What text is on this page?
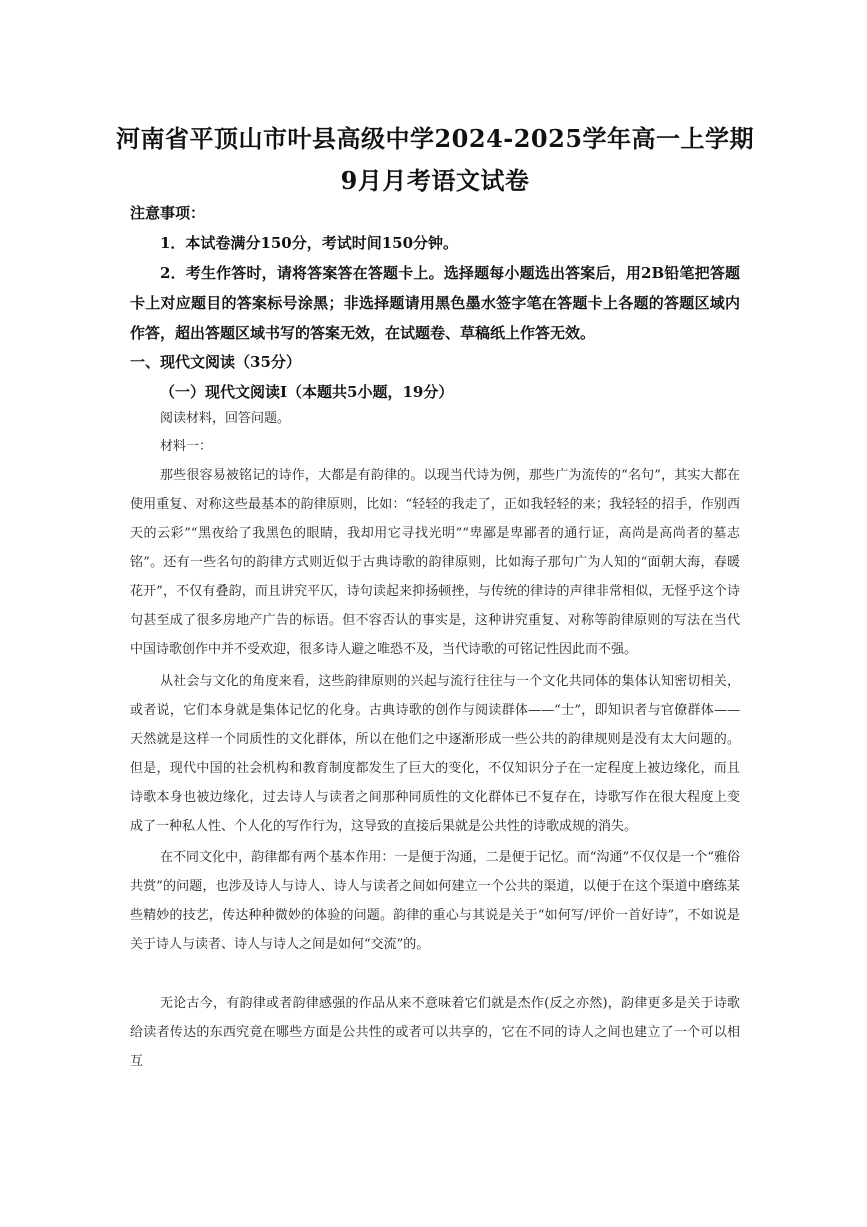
河南省平顶山市叶县高级中学2024-2025学年高一上学期9月月考语文试卷
注意事项：
1．本试卷满分150分，考试时间150分钟。
2．考生作答时，请将答案答在答题卡上。选择题每小题选出答案后，用2B铅笔把答题卡上对应题目的答案标号涂黑；非选择题请用黑色墨水签字笔在答题卡上各题的答题区域内作答，超出答题区域书写的答案无效，在试题卷、草稿纸上作答无效。
一、现代文阅读（35分）
（一）现代文阅读Ⅰ（本题共5小题，19分）
阅读材料，回答问题。
材料一：
那些很容易被铭记的诗作，大都是有韵律的。以现当代诗为例，那些广为流传的“名句”，其实大都在使用重复、对称这些最基本的韵律原则，比如：“轻轻的我走了，正如我轻轻的来；我轻轻的招手，作别西天的云彩”“黑夜给了我黑色的眼睛，我却用它寻找光明”“卑鄙是卑鄙者的通行证，高尚是高尚者的墓志铭”。还有一些名句的韵律方式则近似于古典诗歌的韵律原则，比如海子那句广为人知的“面朝大海，春暖花开”，不仅有叠韵，而且讲究平仄，诗句读起来抑扬顿挫，与传统的律诗的声律非常相似，无怪乎这个诗句甚至成了很多房地产广告的标语。但不容否认的事实是，这种讲究重复、对称等韵律原则的写法在当代中国诗歌创作中并不受欢迎，很多诗人避之唯恐不及，当代诗歌的可铭记性因此而不强。
从社会与文化的角度来看，这些韵律原则的兴起与流行往往与一个文化共同体的集体认知密切相关，或者说，它们本身就是集体记忆的化身。古典诗歌的创作与阅读群体——“士”，即知识者与官僚群体——天然就是这样一个同质性的文化群体，所以在他们之中逐渐形成一些公共的韵律规则是没有太大问题的。但是，现代中国的社会机构和教育制度都发生了巨大的变化，不仅知识分子在一定程度上被边缘化，而且诗歌本身也被边缘化，过去诗人与读者之间那种同质性的文化群体已不复存在，诗歌写作在很大程度上变成了一种私人性、个人化的写作行为，这导致的直接后果就是公共性的诗歌成规的消失。
在不同文化中，韵律都有两个基本作用：一是便于沟通，二是便于记忆。而“沟通”不仅仅是一个“雅俗共赏”的问题，也涉及诗人与诗人、诗人与读者之间如何建立一个公共的渠道，以便于在这个渠道中磨练某些精妙的技艺，传达种种微妙的体验的问题。韵律的重心与其说是关于“如何写/评价一首好诗”，不如说是关于诗人与读者、诗人与诗人之间是如何“交流”的。
无论古今，有韵律或者韵律感强的作品从来不意味着它们就是杰作(反之亦然)，韵律更多是关于诗歌给读者传达的东西究竟在哪些方面是公共性的或者可以共享的，它在不同的诗人之间也建立了一个可以相互
